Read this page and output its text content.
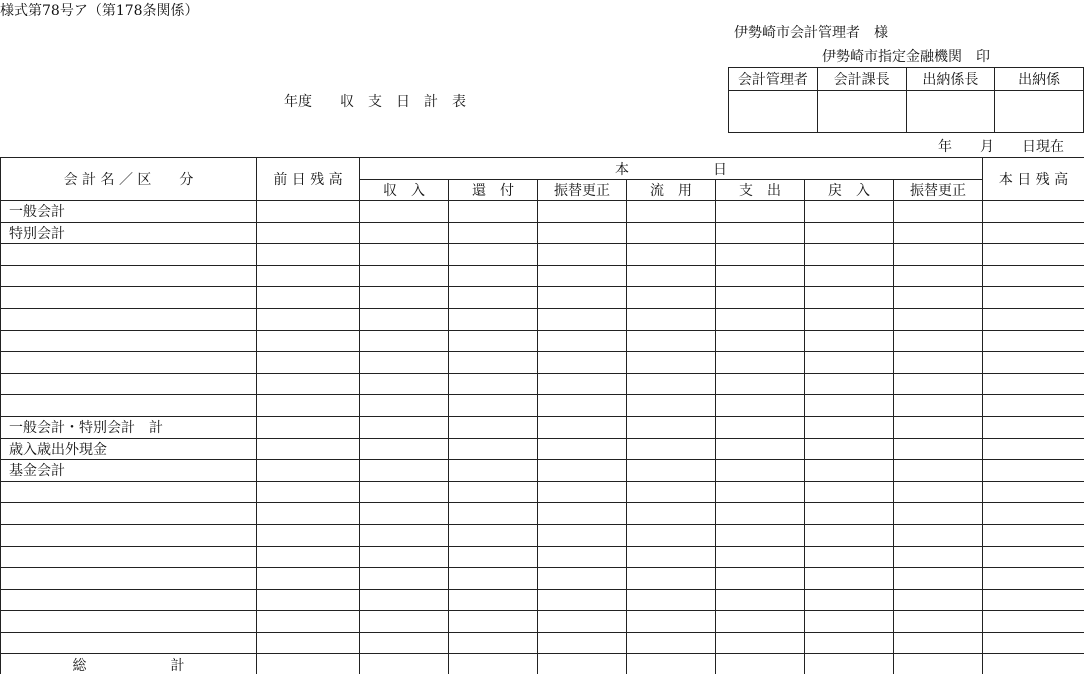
様式第78号ア（第178条関係）
伊勢崎市会計管理者　様
伊勢崎市指定金融機関　印
年度　　収　支　日　計　表
会計管理者	会計課長	出納係長	出納係

年　　月　　日現在
会 計 名 ／ 区　　分	前 日 残 高	本　　　　　　日							本 日 残 高
		収　入	還　付	振替更正	流　用	支　出	戻　入	振替更正	
一般会計									
特別会計									

一般会計・特別会計　計									
歳入歳出外現金									
基金会計									

総　　　　　　計									
